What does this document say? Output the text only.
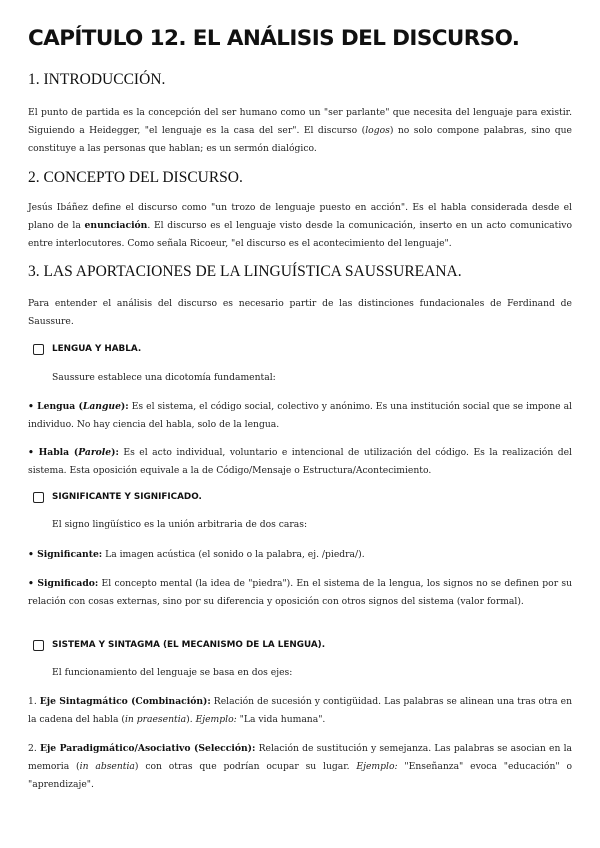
CAPÍTULO 12. EL ANÁLISIS DEL DISCURSO.
1. INTRODUCCIÓN.

El punto de partida es la concepción del ser humano como un "ser parlante" que necesita del lenguaje para existir. Siguiendo a Heidegger, "el lenguaje es la casa del ser". El discurso (logos) no solo compone palabras, sino que constituye a las personas que hablan; es un sermón dialógico.

2. CONCEPTO DEL DISCURSO.

Jesús Ibáñez define el discurso como "un trozo de lenguaje puesto en acción". Es el habla considerada desde el plano de la enunciación. El discurso es el lenguaje visto desde la comunicación, inserto en un acto comunicativo entre interlocutores. Como señala Ricoeur, "el discurso es el acontecimiento del lenguaje".

3. LAS APORTACIONES DE LA LINGUÍSTICA SAUSSUREANA.

Para entender el análisis del discurso es necesario partir de las distinciones fundacionales de Ferdinand de Saussure.

LENGUA Y HABLA.

Saussure establece una dicotomía fundamental:

• Lengua (Langue): Es el sistema, el código social, colectivo y anónimo. Es una institución social que se impone al individuo. No hay ciencia del habla, solo de la lengua.

• Habla (Parole): Es el acto individual, voluntario e intencional de utilización del código. Es la realización del sistema. Esta oposición equivale a la de Código/Mensaje o Estructura/Acontecimiento.

SIGNIFICANTE Y SIGNIFICADO.

El signo lingüístico es la unión arbitraria de dos caras:

• Significante: La imagen acústica (el sonido o la palabra, ej. /piedra/).

• Significado: El concepto mental (la idea de "piedra"). En el sistema de la lengua, los signos no se definen por su relación con cosas externas, sino por su diferencia y oposición con otros signos del sistema (valor formal).

SISTEMA Y SINTAGMA (EL MECANISMO DE LA LENGUA).

El funcionamiento del lenguaje se basa en dos ejes:

1. Eje Sintagmático (Combinación): Relación de sucesión y contigüidad. Las palabras se alinean una tras otra en la cadena del habla (in praesentia). Ejemplo: "La vida humana".

2. Eje Paradigmático/Asociativo (Selección): Relación de sustitución y semejanza. Las palabras se asocian en la memoria (in absentia) con otras que podrían ocupar su lugar. Ejemplo: "Enseñanza" evoca "educación" o "aprendizaje".
